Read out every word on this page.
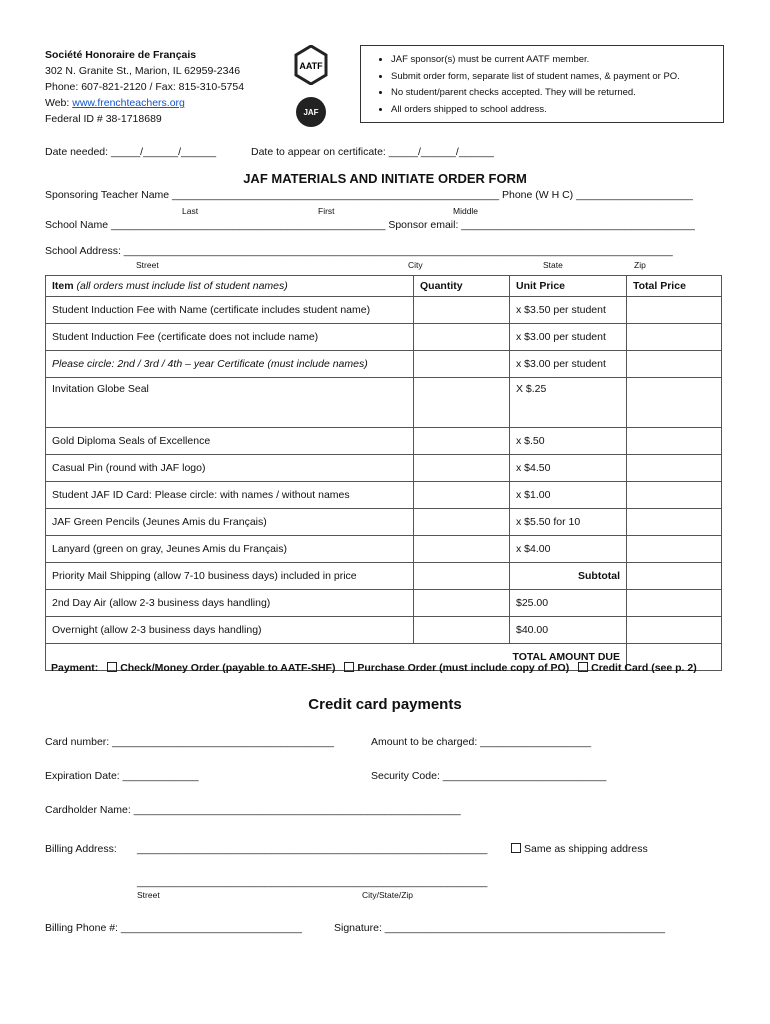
Société Honoraire de Français
302 N. Granite St., Marion, IL 62959-2346
Phone: 607-821-2120 / Fax: 815-310-5754
Web: www.frenchteachers.org
Federal ID # 38-1718689
AATF
JAF
• JAF sponsor(s) must be current AATF member.
• Submit order form, separate list of student names, & payment or PO.
• No student/parent checks accepted. They will be returned.
• All orders shipped to school address.
Date needed: _____/______/______	Date to appear on certificate: _____/______/______
JAF MATERIALS AND INITIATE ORDER FORM
Sponsoring Teacher Name ________________________________________________________ Phone (W H C) ____________________
Last	First	Middle
School Name _______________________________________________ Sponsor email: ________________________________________
School Address: ______________________________________________________________________________________________
Street	City	State	Zip
Item (all orders must include list of student names)	Quantity	Unit Price	Total Price
Student Induction Fee with Name (certificate includes student name)		x $3.50 per student	
Student Induction Fee (certificate does not include name)		x $3.00 per student	
Please circle: 2nd / 3rd / 4th – year Certificate (must include names)		x $3.00 per student	
Invitation Globe Seal		X $.25	
Gold Diploma Seals of Excellence		x $.50	
Casual Pin (round with JAF logo)		x $4.50	
Student JAF ID Card: Please circle: with names / without names		x $1.00	
JAF Green Pencils (Jeunes Amis du Français)		x $5.50 for 10	
Lanyard (green on gray, Jeunes Amis du Français)		x $4.00	
Priority Mail Shipping (allow 7-10 business days) included in price		Subtotal	
2nd Day Air (allow 2-3 business days handling)		$25.00	
Overnight (allow 2-3 business days handling)		$40.00	
TOTAL AMOUNT DUE			
Payment: Check/Money Order (payable to AATF-SHF) Purchase Order (must include copy of PO) Credit Card (see p. 2)
Credit card payments
Card number: ______________________________________	Amount to be charged: ___________________
Expiration Date: _____________	Security Code: ____________________________
Cardholder Name: ________________________________________________________
Billing Address: ____________________________________________________________	Same as shipping address
____________________________________________________________
Street	City/State/Zip
Billing Phone #: _______________________________	Signature: ________________________________________________
